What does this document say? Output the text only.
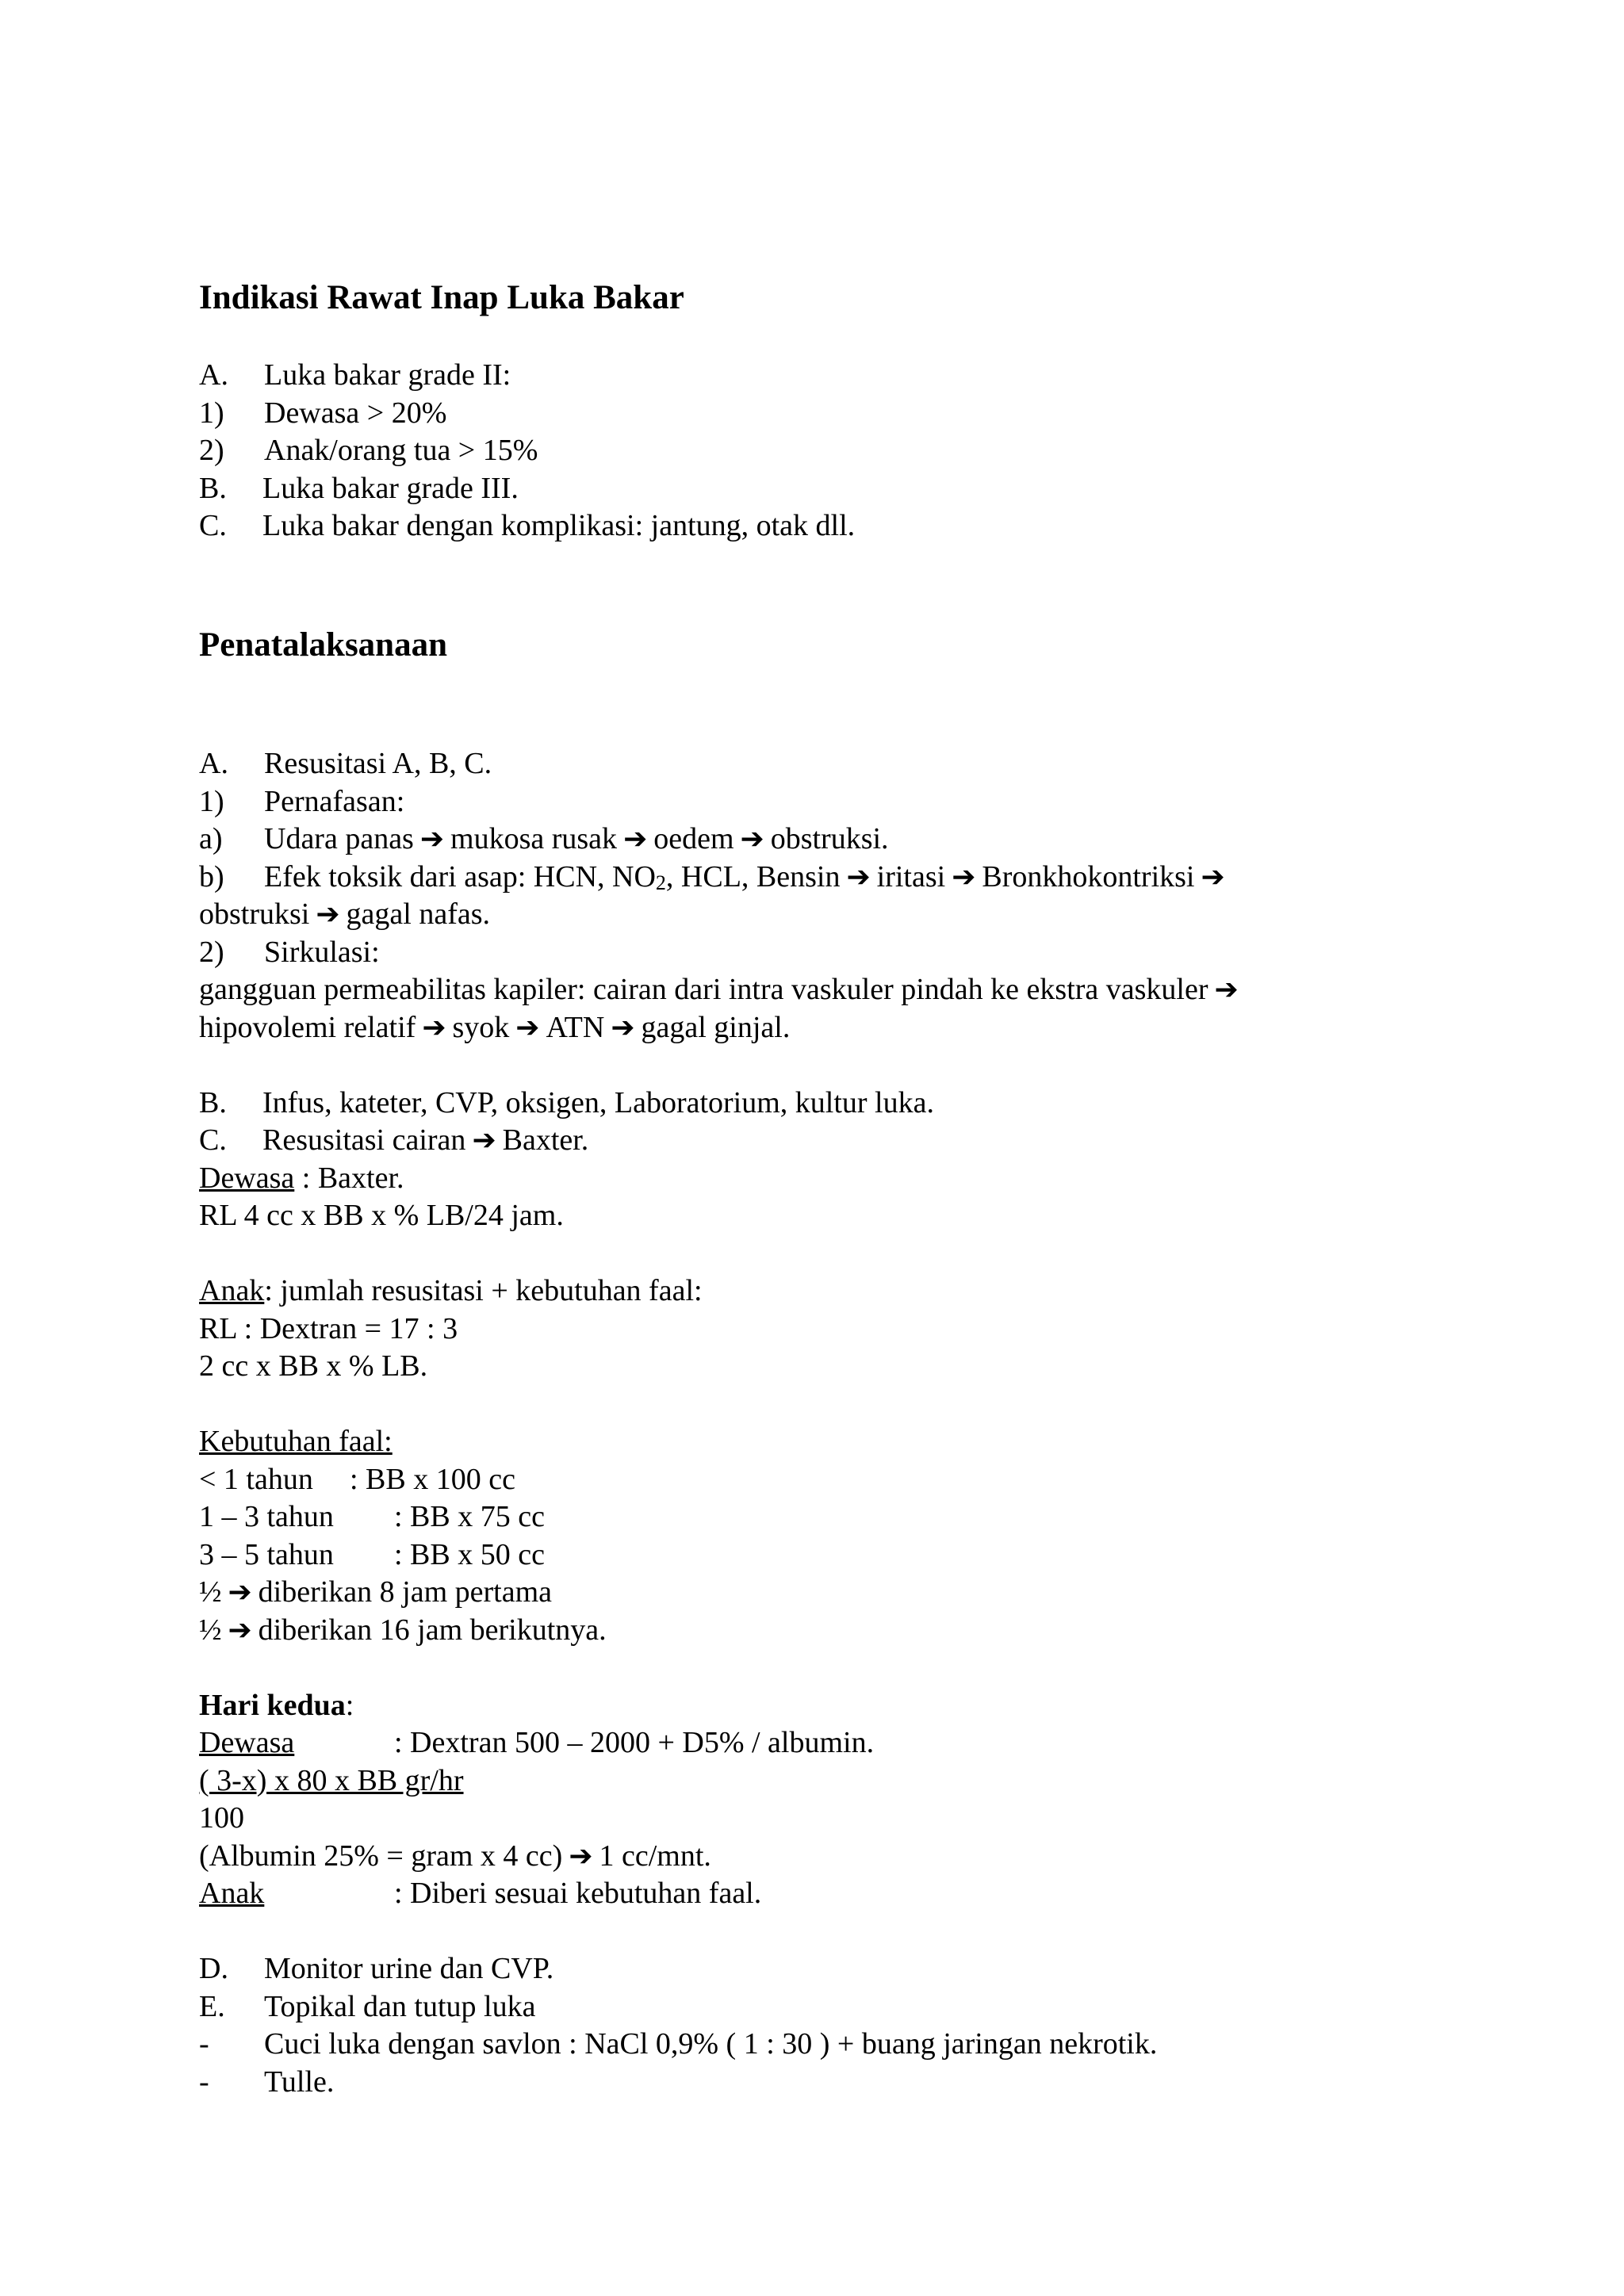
Indikasi Rawat Inap Luka Bakar
A. Luka bakar grade II:
1) Dewasa > 20%
2) Anak/orang tua > 15%
B. Luka bakar grade III.
C. Luka bakar dengan komplikasi: jantung, otak dll.
Penatalaksanaan
A. Resusitasi A, B, C.
1) Pernafasan:
a) Udara panas ➔ mukosa rusak ➔ oedem ➔ obstruksi.
b) Efek toksik dari asap: HCN, $NO_2$, HCL, Bensin ➔ iritasi ➔ Bronkhokontriksi ➔
obstruksi ➔ gagal nafas.
2) Sirkulasi:
gangguan permeabilitas kapiler: cairan dari intra vaskuler pindah ke ekstra vaskuler ➔
hipovolemi relatif ➔ syok ➔ ATN ➔ gagal ginjal.
B. Infus, kateter, CVP, oksigen, Laboratorium, kultur luka.
C. Resusitasi cairan ➔ Baxter.
Dewasa : Baxter.
RL 4 cc x BB x % LB/24 jam.
Anak: jumlah resusitasi + kebutuhan faal:
RL : Dextran = 17 : 3
2 cc x BB x % LB.
Kebutuhan faal:
< 1 tahun : BB x 100 cc
1 – 3 tahun : BB x 75 cc
3 – 5 tahun : BB x 50 cc
½ ➔ diberikan 8 jam pertama
½ ➔ diberikan 16 jam berikutnya.
Hari kedua:
Dewasa	: Dextran 500 – 2000 + D5% / albumin.
( 3-x) x 80 x BB gr/hr
100
(Albumin 25% = gram x 4 cc) ➔ 1 cc/mnt.
Anak	: Diberi sesuai kebutuhan faal.
D. Monitor urine dan CVP.
E. Topikal dan tutup luka
- Cuci luka dengan savlon : NaCl 0,9% ( 1 : 30 ) + buang jaringan nekrotik.
- Tulle.
